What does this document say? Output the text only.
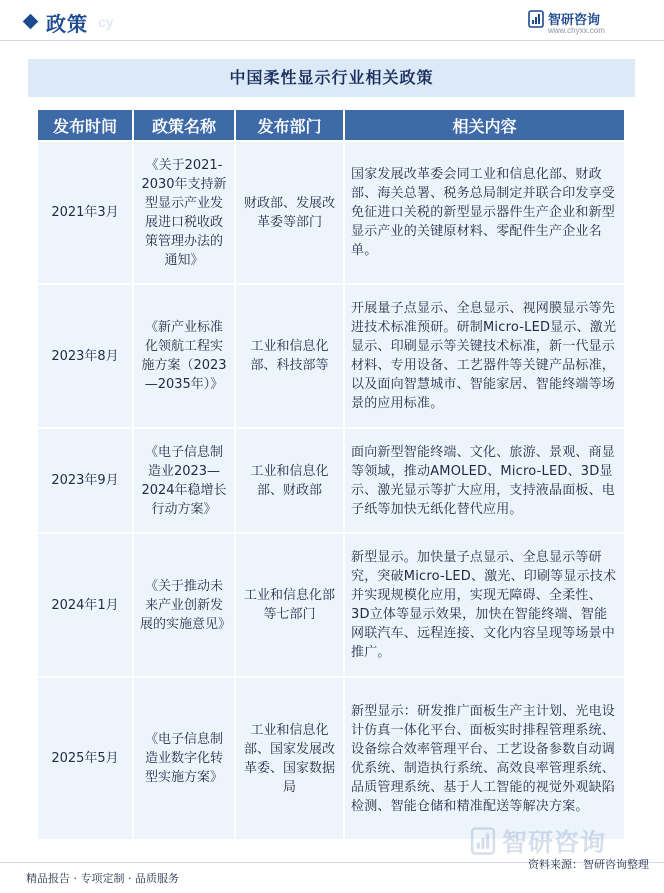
政策 cy	智研咨询
www.chyxx.com
中国柔性显示行业相关政策
发布时间	政策名称	发布部门	相关内容
2021年3月	《关于2021-2030年支持新型显示产业发展进口税收政策管理办法的通知》	财政部、发展改革委等部门	国家发展改革委会同工业和信息化部、财政部、海关总署、税务总局制定并联合印发享受免征进口关税的新型显示器件生产企业和新型显示产业的关键原材料、零配件生产企业名单。
2023年8月	《新产业标准化领航工程实施方案（2023—2035年）》	工业和信息化部、科技部等	开展量子点显示、全息显示、视网膜显示等先进技术标准预研。研制Micro-LED显示、激光显示、印刷显示等关键技术标准，新一代显示材料、专用设备、工艺器件等关键产品标准，以及面向智慧城市、智能家居、智能终端等场景的应用标准。
2023年9月	《电子信息制造业2023—2024年稳增长行动方案》	工业和信息化部、财政部	面向新型智能终端、文化、旅游、景观、商显等领域，推动AMOLED、Micro-LED、3D显示、激光显示等扩大应用，支持液晶面板、电子纸等加快无纸化替代应用。
2024年1月	《关于推动未来产业创新发展的实施意见》	工业和信息化部等七部门	新型显示。加快量子点显示、全息显示等研究，突破Micro-LED、激光、印刷等显示技术并实现规模化应用，实现无障碍、全柔性、3D立体等显示效果，加快在智能终端、智能网联汽车、远程连接、文化内容呈现等场景中推广。
2025年5月	《电子信息制造业数字化转型实施方案》	工业和信息化部、国家发展改革委、国家数据局	新型显示：研发推广面板生产主计划、光电设计仿真一体化平台、面板实时排程管理系统、设备综合效率管理平台、工艺设备参数自动调优系统、制造执行系统、高效良率管理系统、品质管理系统、基于人工智能的视觉外观缺陷检测、智能仓储和精准配送等解决方案。
智研咨询
精品报告 · 专项定制 · 品质服务
资料来源：智研咨询整理
